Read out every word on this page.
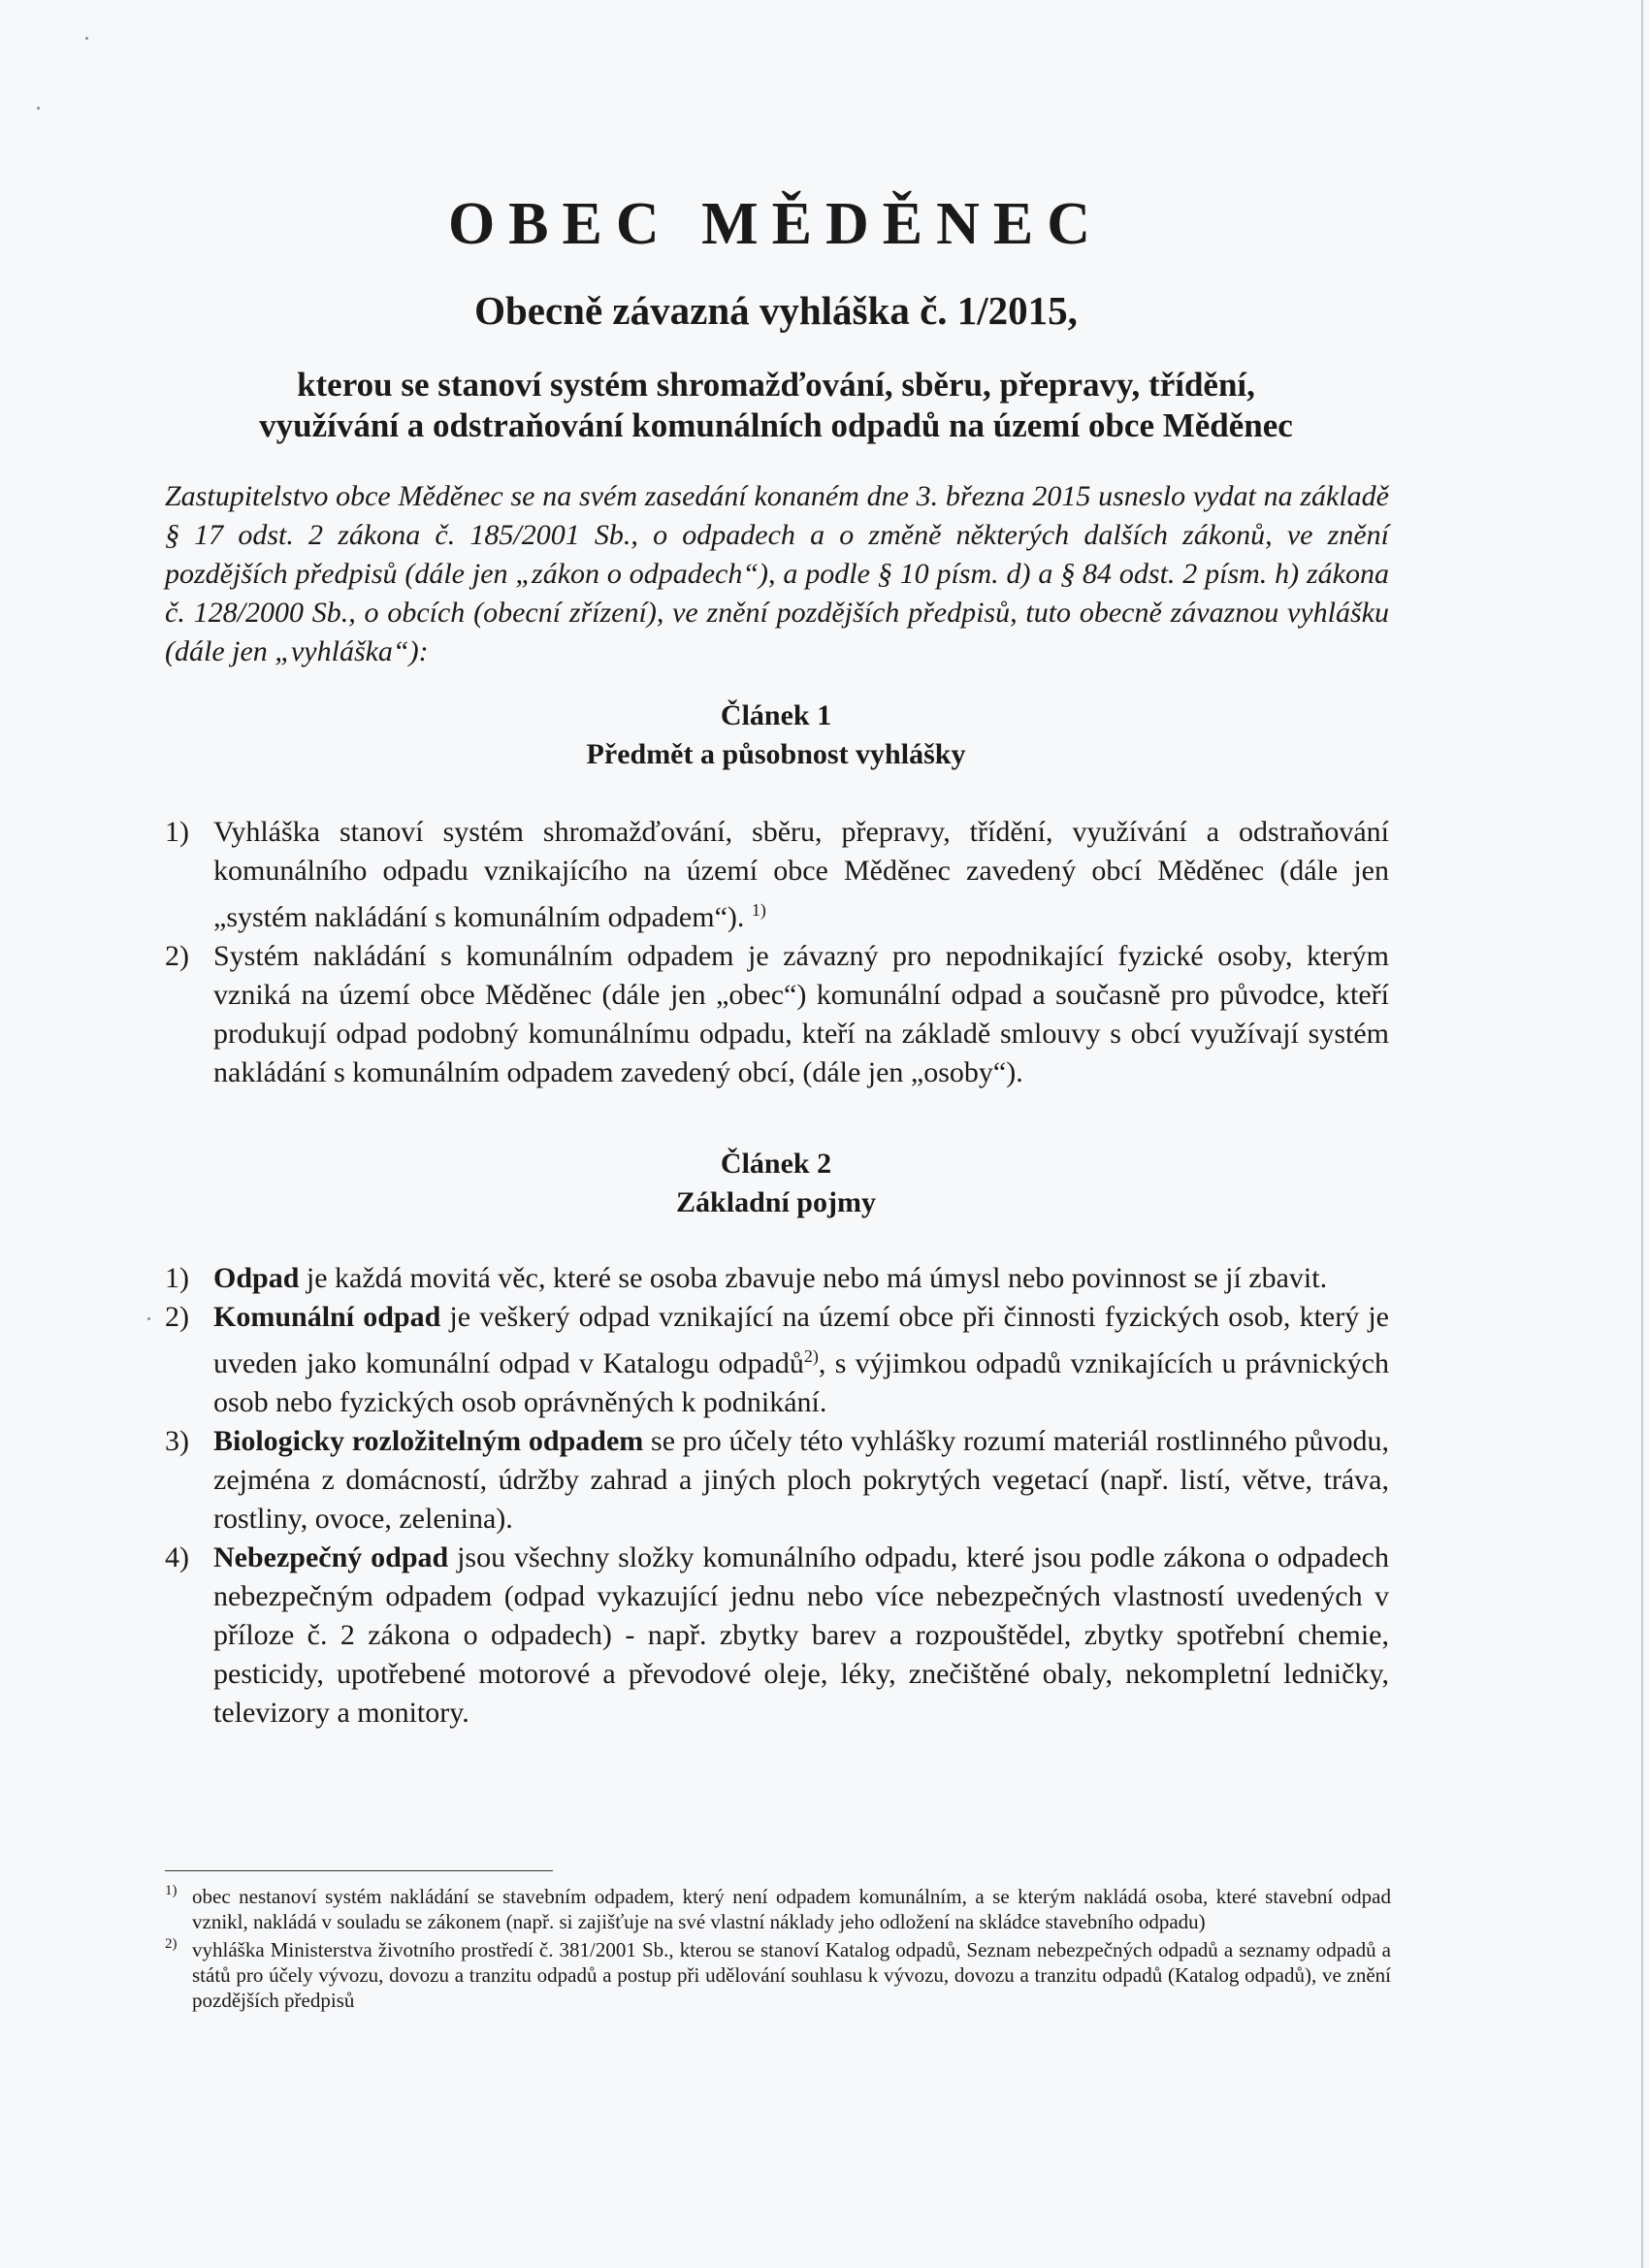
OBEC MĚDĚNEC
Obecně závazná vyhláška č. 1/2015,

kterou se stanoví systém shromažďování, sběru, přepravy, třídění,
využívání a odstraňování komunálních odpadů na území obce Měděnec

Zastupitelstvo obce Měděnec se na svém zasedání konaném dne 3. března 2015 usneslo vydat na základě § 17 odst. 2 zákona č. 185/2001 Sb., o odpadech a o změně některých dalších zákonů, ve znění pozdějších předpisů (dále jen „zákon o odpadech“), a podle § 10 písm. d) a § 84 odst. 2 písm. h) zákona č. 128/2000 Sb., o obcích (obecní zřízení), ve znění pozdějších předpisů, tuto obecně závaznou vyhlášku (dále jen „vyhláška“):

Článek 1
Předmět a působnost vyhlášky
1) Vyhláška stanoví systém shromažďování, sběru, přepravy, třídění, využívání a odstraňování komunálního odpadu vznikajícího na území obce Měděnec zavedený obcí Měděnec (dále jen „systém nakládání s komunálním odpadem“). $^{1)}$
2) Systém nakládání s komunálním odpadem je závazný pro nepodnikající fyzické osoby, kterým vzniká na území obce Měděnec (dále jen „obec“) komunální odpad a současně pro původce, kteří produkují odpad podobný komunálnímu odpadu, kteří na základě smlouvy s obcí využívají systém nakládání s komunálním odpadem zavedený obcí, (dále jen „osoby“).
Článek 2
Základní pojmy
1) Odpad je každá movitá věc, které se osoba zbavuje nebo má úmysl nebo povinnost se jí zbavit.
2) Komunální odpad je veškerý odpad vznikající na území obce při činnosti fyzických osob, který je uveden jako komunální odpad v Katalogu odpadů$^{2)}$, s výjimkou odpadů vznikajících u právnických osob nebo fyzických osob oprávněných k podnikání.
3) Biologicky rozložitelným odpadem se pro účely této vyhlášky rozumí materiál rostlinného původu, zejména z domácností, údržby zahrad a jiných ploch pokrytých vegetací (např. listí, větve, tráva, rostliny, ovoce, zelenina).
4) Nebezpečný odpad jsou všechny složky komunálního odpadu, které jsou podle zákona o odpadech nebezpečným odpadem (odpad vykazující jednu nebo více nebezpečných vlastností uvedených v příloze č. 2 zákona o odpadech) - např. zbytky barev a rozpouštědel, zbytky spotřební chemie, pesticidy, upotřebené motorové a převodové oleje, léky, znečištěné obaly, nekompletní ledničky, televizory a monitory.
1) obec nestanoví systém nakládání se stavebním odpadem, který není odpadem komunálním, a se kterým nakládá osoba, které stavební odpad vznikl, nakládá v souladu se zákonem (např. si zajišťuje na své vlastní náklady jeho odložení na skládce stavebního odpadu)
2) vyhláška Ministerstva životního prostředí č. 381/2001 Sb., kterou se stanoví Katalog odpadů, Seznam nebezpečných odpadů a seznamy odpadů a států pro účely vývozu, dovozu a tranzitu odpadů a postup při udělování souhlasu k vývozu, dovozu a tranzitu odpadů (Katalog odpadů), ve znění pozdějších předpisů
